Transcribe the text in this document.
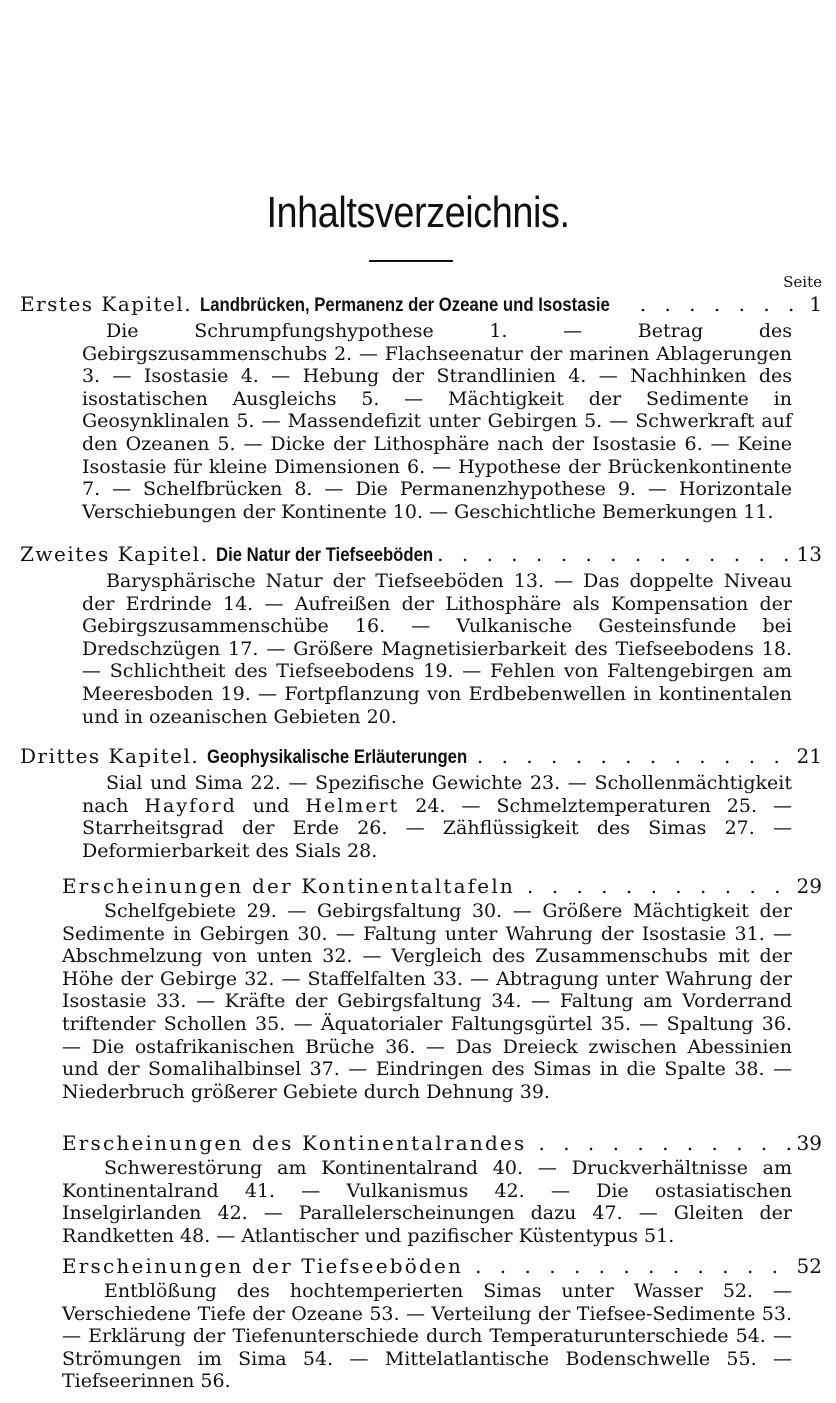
Inhaltsverzeichnis.
Seite
Erstes Kapitel. Landbrücken, Permanenz der Ozeane und Isostasie . . .	1
Die Schrumpfungshypothese 1. — Betrag des Gebirgszusammenschubs 2. — Flachseenatur der marinen Ablagerungen 3. — Isostasie 4. — Hebung der Strandlinien 4. — Nachhinken des isostatischen Ausgleichs 5. — Mächtigkeit der Sedimente in Geosynklinalen 5. — Massendefizit unter Gebirgen 5. — Schwerkraft auf den Ozeanen 5. — Dicke der Lithosphäre nach der Isostasie 6. — Keine Isostasie für kleine Dimensionen 6. — Hypothese der Brückenkontinente 7. — Schelfbrücken 8. — Die Permanenzhypothese 9. — Horizontale Verschiebungen der Kontinente 10. — Geschichtliche Bemerkungen 11.
Zweites Kapitel. Die Natur der Tiefseeböden . . .	13
Barysphärische Natur der Tiefseeböden 13. — Das doppelte Niveau der Erdrinde 14. — Aufreißen der Lithosphäre als Kompensation der Gebirgszusammenschübe 16. — Vulkanische Gesteinsfunde bei Dredschzügen 17. — Größere Magnetisierbarkeit des Tiefseebodens 18. — Schlichtheit des Tiefseebodens 19. — Fehlen von Faltengebirgen am Meeresboden 19. — Fortpflanzung von Erdbebenwellen in kontinentalen und in ozeanischen Gebieten 20.
Drittes Kapitel. Geophysikalische Erläuterungen . . .	21
Sial und Sima 22. — Spezifische Gewichte 23. — Schollenmächtigkeit nach Hayford und Helmert 24. — Schmelztemperaturen 25. — Starrheitsgrad der Erde 26. — Zähflüssigkeit des Simas 27. — Deformierbarkeit des Sials 28.
Erscheinungen der Kontinentaltafeln . . .	29
Schelfgebiete 29. — Gebirgsfaltung 30. — Größere Mächtigkeit der Sedimente in Gebirgen 30. — Faltung unter Wahrung der Isostasie 31. — Abschmelzung von unten 32. — Vergleich des Zusammenschubs mit der Höhe der Gebirge 32. — Staffelfalten 33. — Abtragung unter Wahrung der Isostasie 33. — Kräfte der Gebirgsfaltung 34. — Faltung am Vorderrand triftender Schollen 35. — Äquatorialer Faltungsgürtel 35. — Spaltung 36. — Die ostafrikanischen Brüche 36. — Das Dreieck zwischen Abessinien und der Somalihalbinsel 37. — Eindringen des Simas in die Spalte 38. — Niederbruch größerer Gebiete durch Dehnung 39.
Erscheinungen des Kontinentalrandes . . .	39
Schwerestörung am Kontinentalrand 40. — Druckverhältnisse am Kontinentalrand 41. — Vulkanismus 42. — Die ostasiatischen Inselgirlanden 42. — Parallelerscheinungen dazu 47. — Gleiten der Randketten 48. — Atlantischer und pazifischer Küstentypus 51.
Erscheinungen der Tiefseeböden . . .	52
Entblößung des hochtemperierten Simas unter Wasser 52. — Verschiedene Tiefe der Ozeane 53. — Verteilung der Tiefsee-Sedimente 53. — Erklärung der Tiefenunterschiede durch Temperaturunterschiede 54. — Strömungen im Sima 54. — Mittelatlantische Bodenschwelle 55. — Tiefseerinnen 56.
